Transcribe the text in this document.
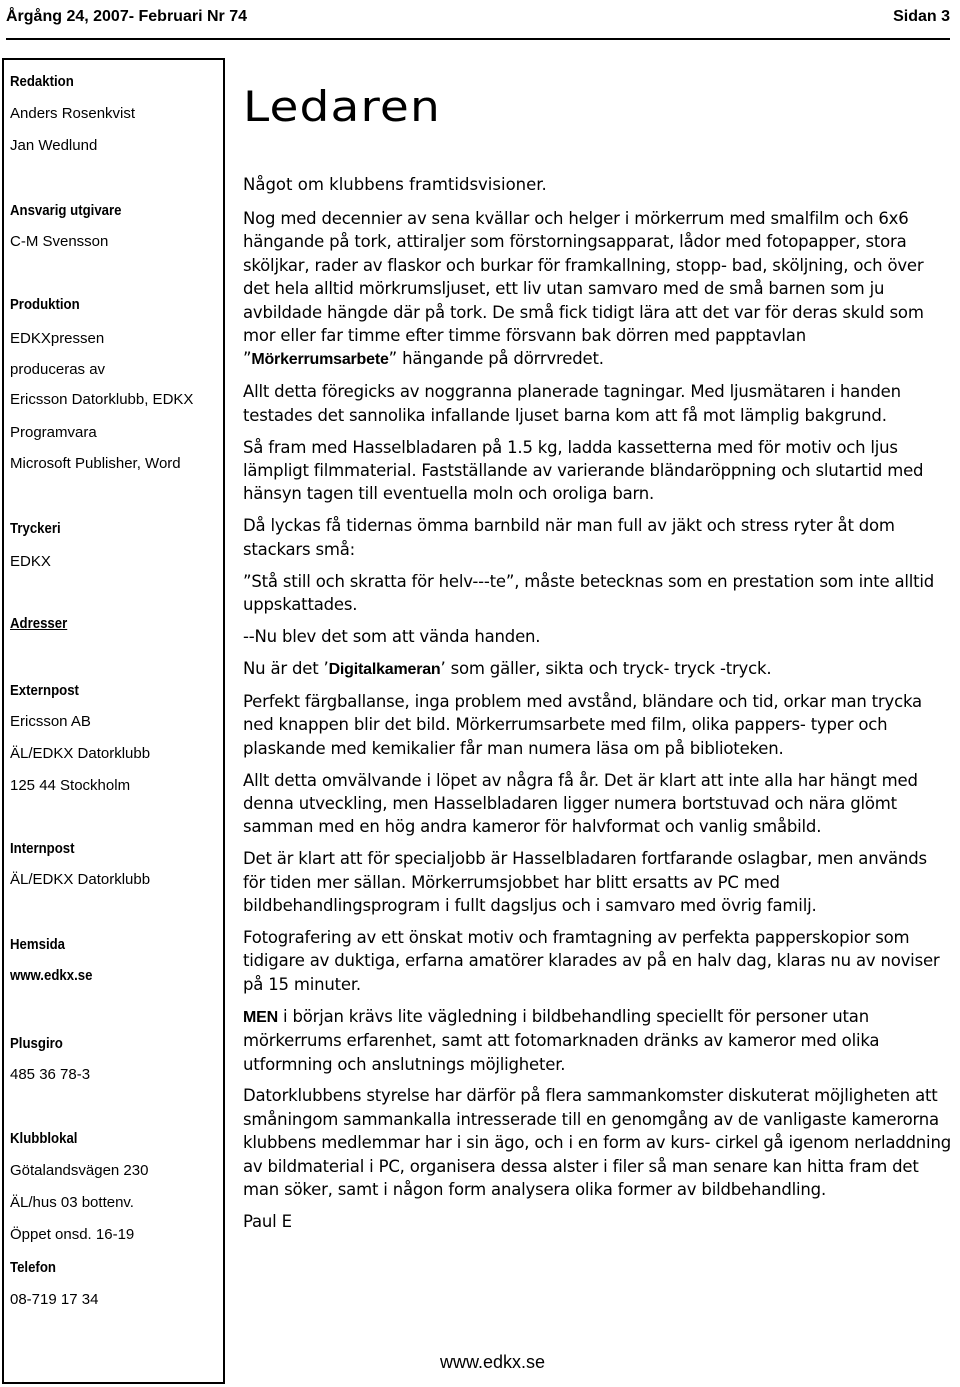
Årgång 24, 2007- Februari Nr 74	Sidan 3
Redaktion
Anders Rosenkvist
Jan Wedlund
Ansvarig utgivare
C-M Svensson
Produktion
EDKXpressen
produceras av
Ericsson Datorklubb, EDKX
Programvara
Microsoft Publisher, Word
Tryckeri
EDKX
Adresser
Externpost
Ericsson AB
ÄL/EDKX Datorklubb
125 44 Stockholm
Internpost
ÄL/EDKX Datorklubb
Hemsida
www.edkx.se
Plusgiro
485 36 78-3
Klubblokal
Götalandsvägen 230
ÄL/hus 03 bottenv.
Öppet onsd. 16-19
Telefon
08-719 17 34
Ledaren
Något om klubbens framtidsvisioner.

Nog med decennier av sena kvällar och helger i mörkerrum med smalfilm och 6x6 hängande på tork, attiraljer som förstorningsapparat, lådor med fotopapper, stora sköljkar, rader av flaskor och burkar för framkallning, stopp- bad, sköljning, och över det hela alltid mörkrumsljuset, ett liv utan samvaro med de små barnen som ju avbildade hängde där på tork. De små fick tidigt lära att det var för deras skuld som mor eller far timme efter timme försvann bak dörren med papptavlan ”Mörkerrumsarbete” hängande på dörrvredet.

Allt detta föregicks av noggranna planerade tagningar. Med ljusmätaren i handen testades det sannolika infallande ljuset barna kom att få mot lämplig bakgrund.

Så fram med Hasselbladaren på 1.5 kg, ladda kassetterna med för motiv och ljus lämpligt filmmaterial. Fastställande av varierande bländaröppning och slutartid med hänsyn tagen till eventuella moln och oroliga barn.

Då lyckas få tidernas ömma barnbild när man full av jäkt och stress ryter åt dom stackars små:

”Stå still och skratta för helv---te”, måste betecknas som en prestation som inte alltid uppskattades.

--Nu blev det som att vända handen.

Nu är det ’Digitalkameran’ som gäller, sikta och tryck- tryck -tryck.

Perfekt färgballanse, inga problem med avstånd, bländare och tid, orkar man trycka ned knappen blir det bild. Mörkerrumsarbete med film, olika pappers- typer och plaskande med kemikalier får man numera läsa om på biblioteken.

Allt detta omvälvande i löpet av några få år. Det är klart att inte alla har hängt med denna utveckling, men Hasselbladaren ligger numera bortstuvad och nära glömt samman med en hög andra kameror för halvformat och vanlig småbild.

Det är klart att för specialjobb är Hasselbladaren fortfarande oslagbar, men används för tiden mer sällan. Mörkerrumsjobbet har blitt ersatts av PC med bildbehandlingsprogram i fullt dagsljus och i samvaro med övrig familj.

Fotografering av ett önskat motiv och framtagning av perfekta papperskopior som tidigare av duktiga, erfarna amatörer klarades av på en halv dag, klaras nu av noviser på 15 minuter.

MEN i början krävs lite vägledning i bildbehandling speciellt för personer utan mörkerrums erfarenhet, samt att fotomarknaden dränks av kameror med olika utformning och anslutnings möjligheter.

Datorklubbens styrelse har därför på flera sammankomster diskuterat möjligheten att småningom sammankalla intresserade till en genomgång av de vanligaste kamerorna klubbens medlemmar har i sin ägo, och i en form av kurs- cirkel gå igenom nerladdning av bildmaterial i PC, organisera dessa alster i filer så man senare kan hitta fram det man söker, samt i någon form analysera olika former av bildbehandling.

Paul E

www.edkx.se
